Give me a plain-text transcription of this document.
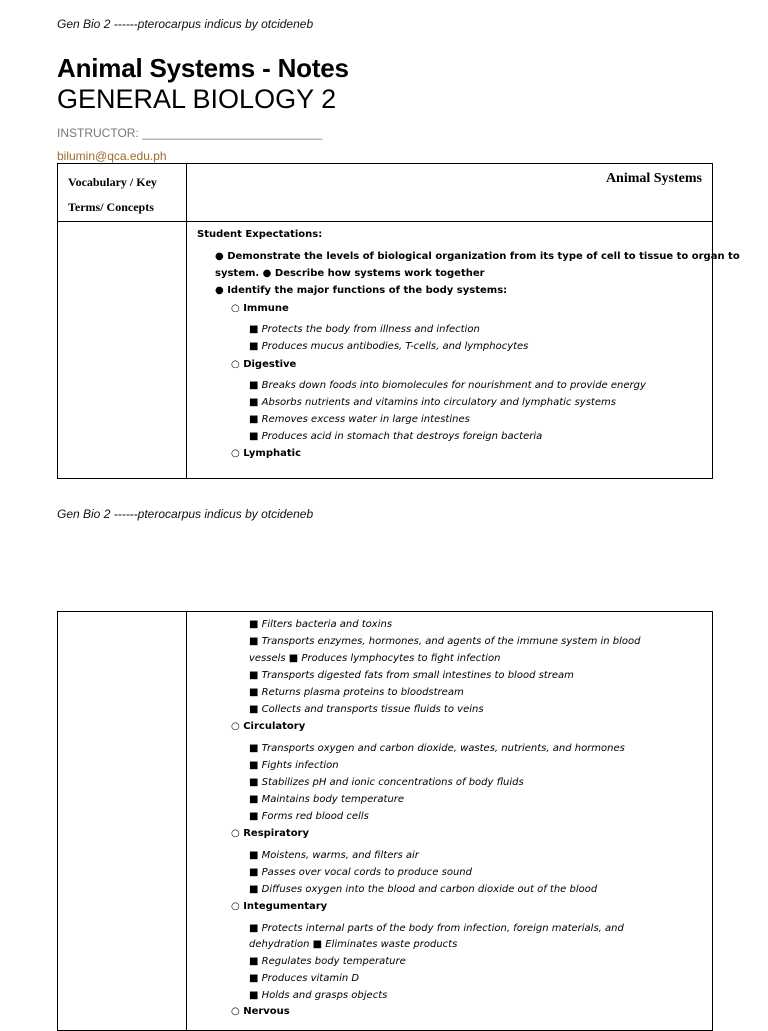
Gen Bio 2 ------pterocarpus indicus by otcideneb
Animal Systems - Notes
GENERAL BIOLOGY 2
INSTRUCTOR: ___________________________
bilumin@qca.edu.ph
Vocabulary / Key
Terms/ Concepts
Animal Systems
Student Expectations:
● Demonstrate the levels of biological organization from its type of cell to tissue to organ to
system. ● Describe how systems work together
● Identify the major functions of the body systems:
○ Immune
■ Protects the body from illness and infection
■ Produces mucus antibodies, T-cells, and lymphocytes
○ Digestive
■ Breaks down foods into biomolecules for nourishment and to provide energy
■ Absorbs nutrients and vitamins into circulatory and lymphatic systems
■ Removes excess water in large intestines
■ Produces acid in stomach that destroys foreign bacteria
○ Lymphatic
Gen Bio 2 ------pterocarpus indicus by otcideneb
■ Filters bacteria and toxins
■ Transports enzymes, hormones, and agents of the immune system in blood
vessels ■ Produces lymphocytes to fight infection
■ Transports digested fats from small intestines to blood stream
■ Returns plasma proteins to bloodstream
■ Collects and transports tissue fluids to veins
○ Circulatory
■ Transports oxygen and carbon dioxide, wastes, nutrients, and hormones
■ Fights infection
■ Stabilizes pH and ionic concentrations of body fluids
■ Maintains body temperature
■ Forms red blood cells
○ Respiratory
■ Moistens, warms, and filters air
■ Passes over vocal cords to produce sound
■ Diffuses oxygen into the blood and carbon dioxide out of the blood
○ Integumentary
■ Protects internal parts of the body from infection, foreign materials, and
dehydration ■ Eliminates waste products
■ Regulates body temperature
■ Produces vitamin D
■ Holds and grasps objects
○ Nervous
